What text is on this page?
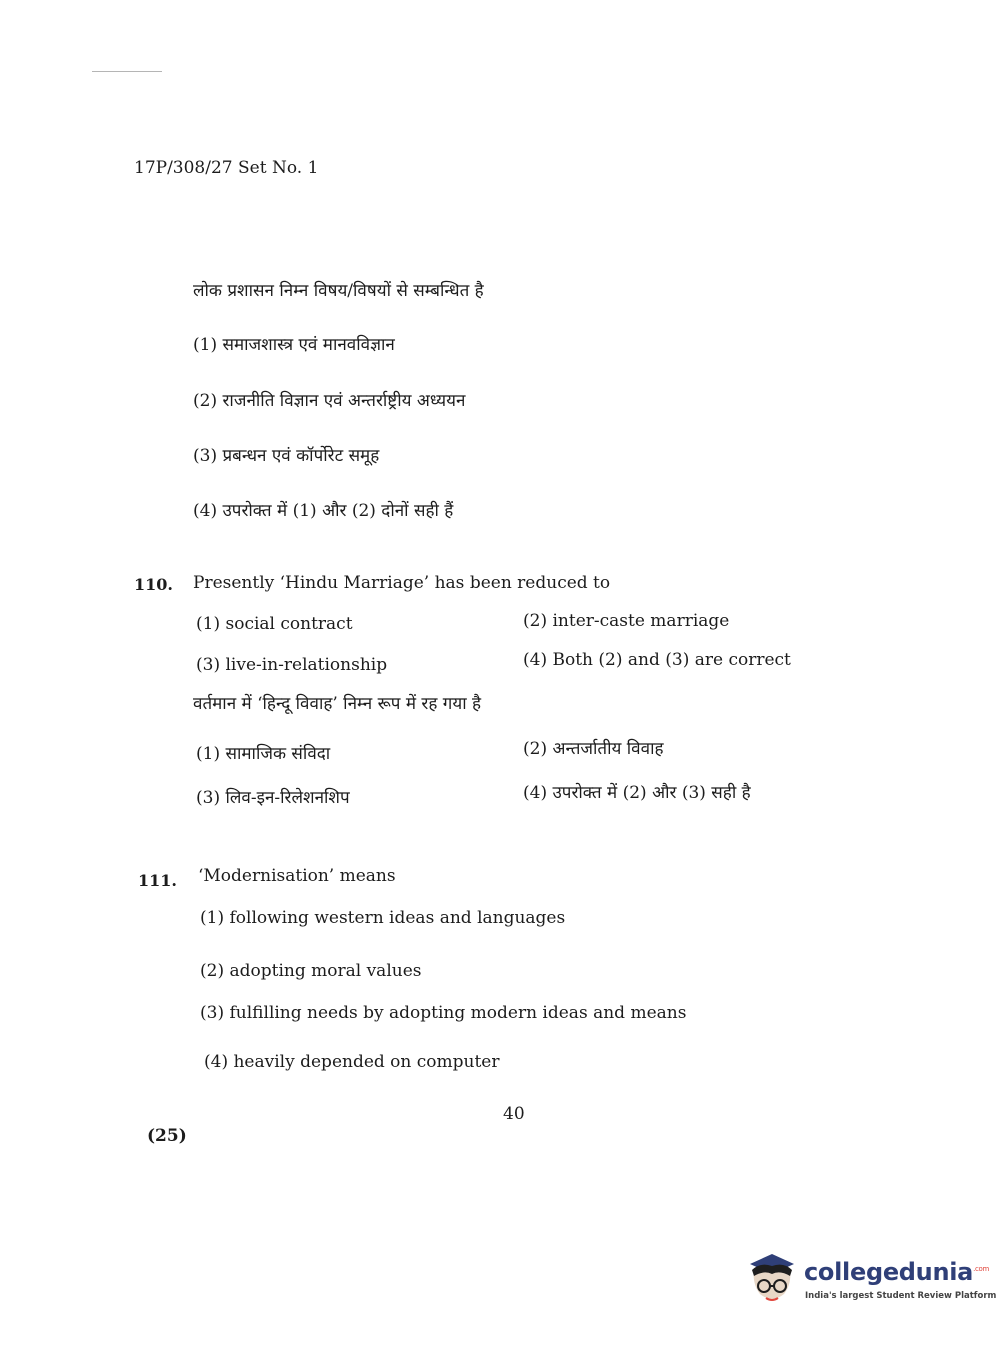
17P/308/27 Set No. 1
लोक प्रशासन निम्न विषय/विषयों से सम्बन्धित है
(1) समाजशास्त्र एवं मानवविज्ञान
(2) राजनीति विज्ञान एवं अन्तर्राष्ट्रीय अध्ययन
(3) प्रबन्धन एवं कॉर्पोरेट समूह
(4) उपरोक्त में (1) और (2) दोनों सही हैं
110. Presently ‘Hindu Marriage’ has been reduced to
(1) social contract	(2) inter-caste marriage
(3) live-in-relationship	(4) Both (2) and (3) are correct
वर्तमान में ‘हिन्दू विवाह’ निम्न रूप में रह गया है
(1) सामाजिक संविदा	(2) अन्तर्जातीय विवाह
(3) लिव-इन-रिलेशनशिप	(4) उपरोक्त में (2) और (3) सही है
111. ‘Modernisation’ means
(1) following western ideas and languages
(2) adopting moral values
(3) fulfilling needs by adopting modern ideas and means
(4) heavily depended on computer
40
(25)
collegedunia$^{.com}$
India's largest Student Review Platform
